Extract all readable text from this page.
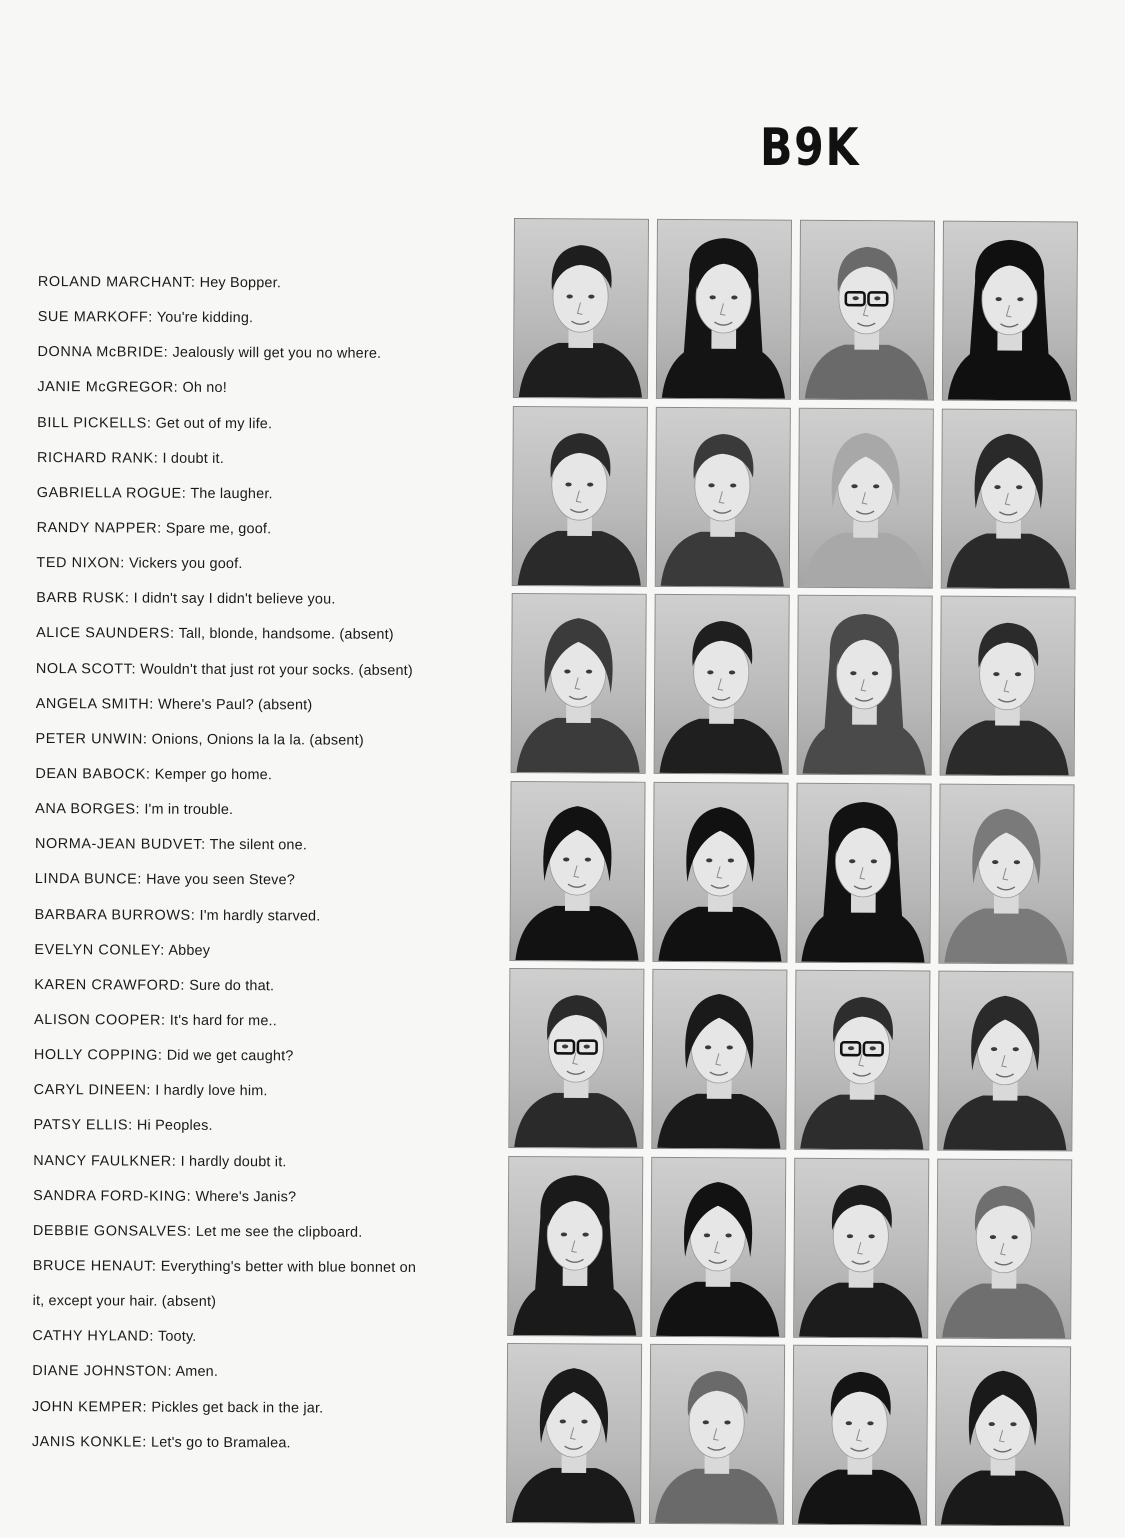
B9K
ROLAND MARCHANT: Hey Bopper.
SUE MARKOFF: You're kidding.
DONNA McBRIDE: Jealously will get you no where.
JANIE McGREGOR: Oh no!
BILL PICKELLS: Get out of my life.
RICHARD RANK: I doubt it.
GABRIELLA ROGUE: The laugher.
RANDY NAPPER: Spare me, goof.
TED NIXON: Vickers you goof.
BARB RUSK: I didn't say I didn't believe you.
ALICE SAUNDERS: Tall, blonde, handsome. (absent)
NOLA SCOTT: Wouldn't that just rot your socks. (absent)
ANGELA SMITH: Where's Paul? (absent)
PETER UNWIN: Onions, Onions la la la. (absent)
DEAN BABOCK: Kemper go home.
ANA BORGES: I'm in trouble.
NORMA-JEAN BUDVET: The silent one.
LINDA BUNCE: Have you seen Steve?
BARBARA BURROWS: I'm hardly starved.
EVELYN CONLEY: Abbey
KAREN CRAWFORD: Sure do that.
ALISON COOPER: It's hard for me..
HOLLY COPPING: Did we get caught?
CARYL DINEEN: I hardly love him.
PATSY ELLIS: Hi Peoples.
NANCY FAULKNER: I hardly doubt it.
SANDRA FORD-KING: Where's Janis?
DEBBIE GONSALVES: Let me see the clipboard.
BRUCE HENAUT: Everything's better with blue bonnet on
it, except your hair. (absent)
CATHY HYLAND: Tooty.
DIANE JOHNSTON: Amen.
JOHN KEMPER: Pickles get back in the jar.
JANIS KONKLE: Let's go to Bramalea.
